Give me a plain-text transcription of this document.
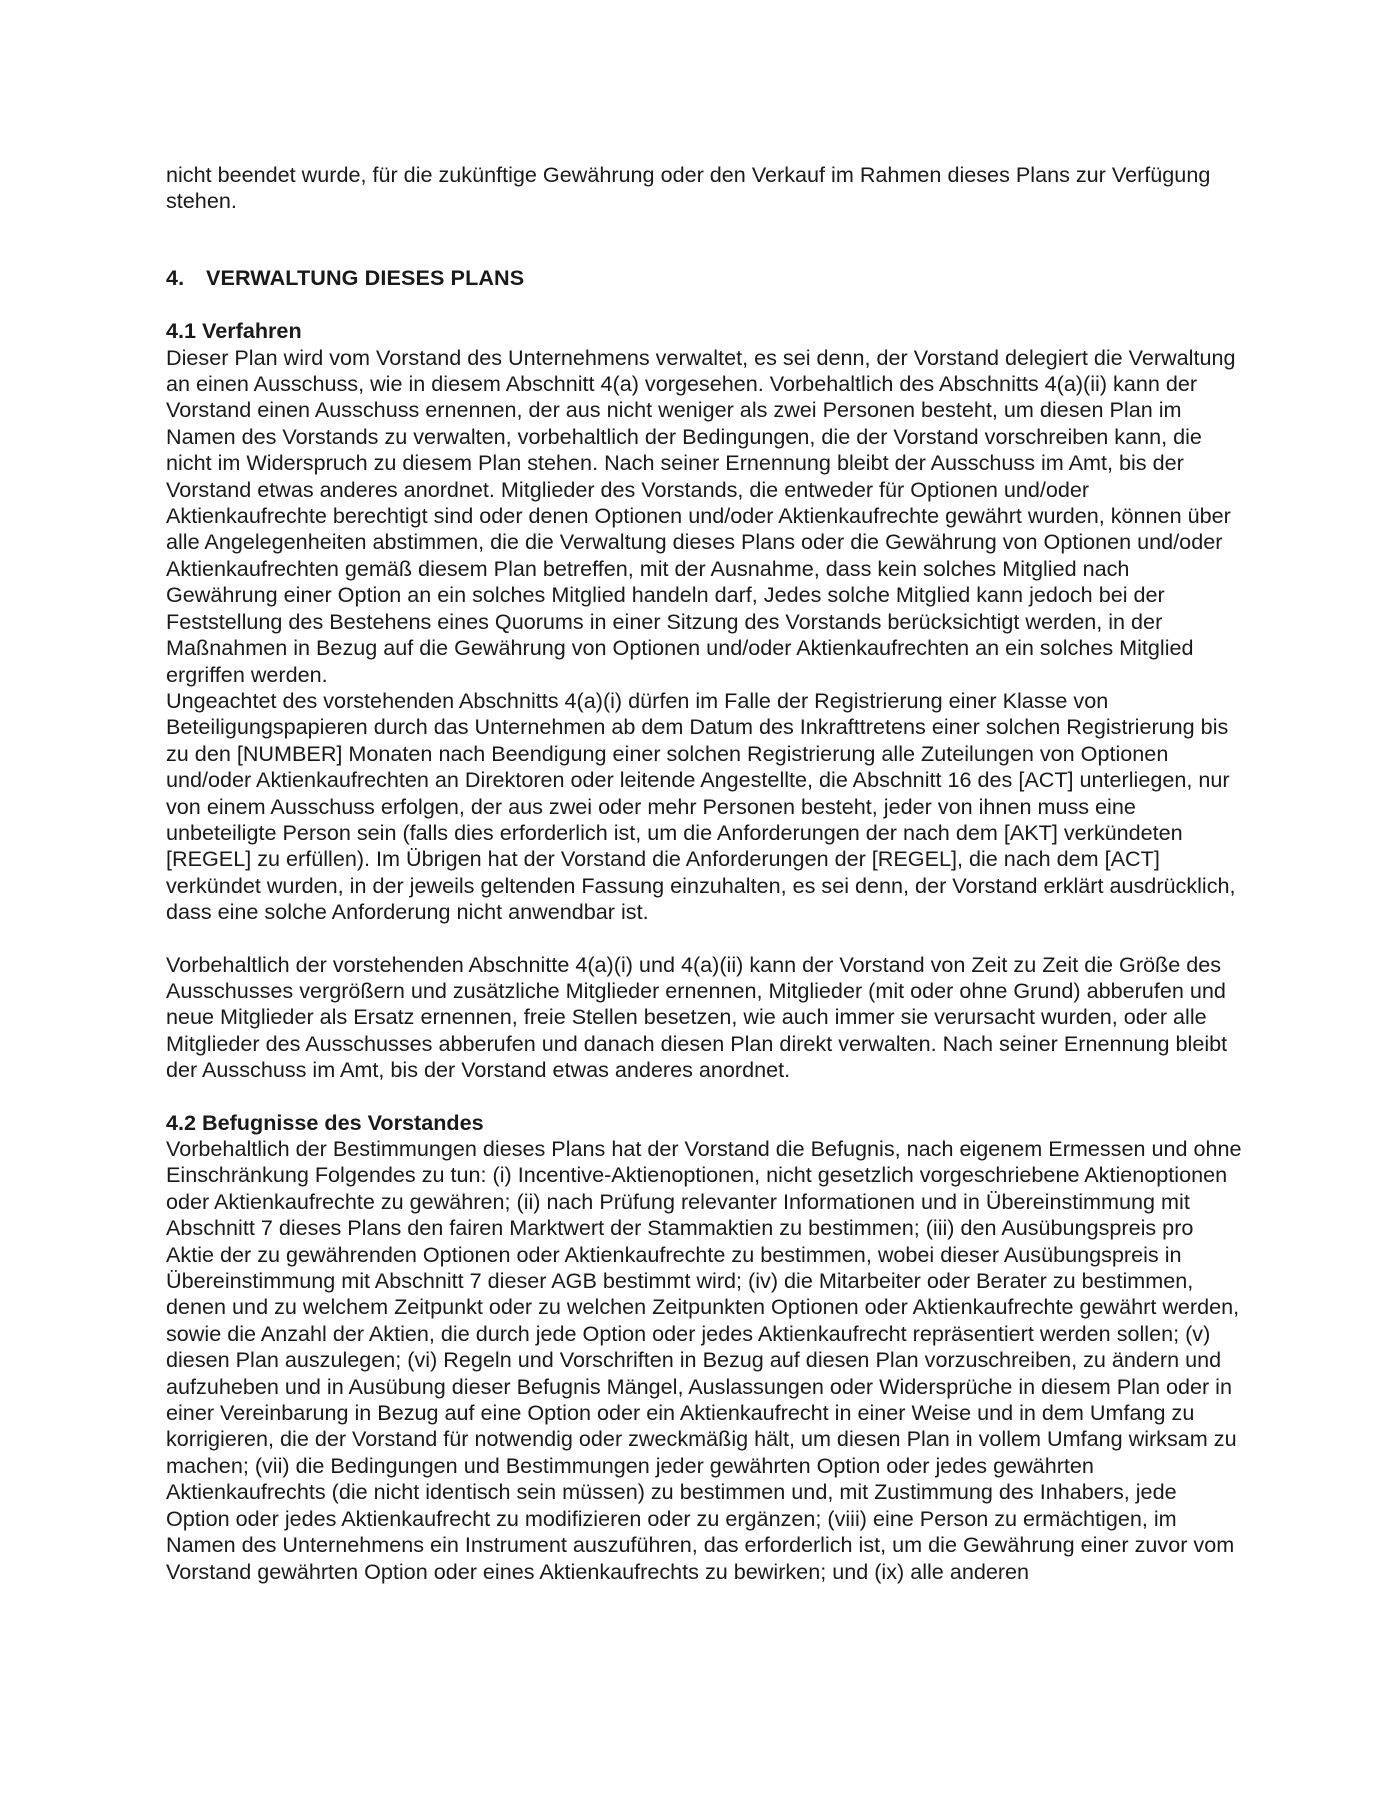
nicht beendet wurde, für die zukünftige Gewährung oder den Verkauf im Rahmen dieses Plans zur Verfügung stehen.

4. VERWALTUNG DIESES PLANS
4.1 Verfahren

Dieser Plan wird vom Vorstand des Unternehmens verwaltet, es sei denn, der Vorstand delegiert die Verwaltung an einen Ausschuss, wie in diesem Abschnitt 4(a) vorgesehen. Vorbehaltlich des Abschnitts 4(a)(ii) kann der Vorstand einen Ausschuss ernennen, der aus nicht weniger als zwei Personen besteht, um diesen Plan im Namen des Vorstands zu verwalten, vorbehaltlich der Bedingungen, die der Vorstand vorschreiben kann, die nicht im Widerspruch zu diesem Plan stehen. Nach seiner Ernennung bleibt der Ausschuss im Amt, bis der Vorstand etwas anderes anordnet. Mitglieder des Vorstands, die entweder für Optionen und/oder Aktienkaufrechte berechtigt sind oder denen Optionen und/oder Aktienkaufrechte gewährt wurden, können über alle Angelegenheiten abstimmen, die die Verwaltung dieses Plans oder die Gewährung von Optionen und/oder Aktienkaufrechten gemäß diesem Plan betreffen, mit der Ausnahme, dass kein solches Mitglied nach Gewährung einer Option an ein solches Mitglied handeln darf, Jedes solche Mitglied kann jedoch bei der Feststellung des Bestehens eines Quorums in einer Sitzung des Vorstands berücksichtigt werden, in der Maßnahmen in Bezug auf die Gewährung von Optionen und/oder Aktienkaufrechten an ein solches Mitglied ergriffen werden.

Ungeachtet des vorstehenden Abschnitts 4(a)(i) dürfen im Falle der Registrierung einer Klasse von Beteiligungspapieren durch das Unternehmen ab dem Datum des Inkrafttretens einer solchen Registrierung bis zu den [NUMBER] Monaten nach Beendigung einer solchen Registrierung alle Zuteilungen von Optionen und/oder Aktienkaufrechten an Direktoren oder leitende Angestellte, die Abschnitt 16 des [ACT] unterliegen, nur von einem Ausschuss erfolgen, der aus zwei oder mehr Personen besteht, jeder von ihnen muss eine unbeteiligte Person sein (falls dies erforderlich ist, um die Anforderungen der nach dem [AKT] verkündeten [REGEL] zu erfüllen). Im Übrigen hat der Vorstand die Anforderungen der [REGEL], die nach dem [ACT] verkündet wurden, in der jeweils geltenden Fassung einzuhalten, es sei denn, der Vorstand erklärt ausdrücklich, dass eine solche Anforderung nicht anwendbar ist.

Vorbehaltlich der vorstehenden Abschnitte 4(a)(i) und 4(a)(ii) kann der Vorstand von Zeit zu Zeit die Größe des Ausschusses vergrößern und zusätzliche Mitglieder ernennen, Mitglieder (mit oder ohne Grund) abberufen und neue Mitglieder als Ersatz ernennen, freie Stellen besetzen, wie auch immer sie verursacht wurden, oder alle Mitglieder des Ausschusses abberufen und danach diesen Plan direkt verwalten. Nach seiner Ernennung bleibt der Ausschuss im Amt, bis der Vorstand etwas anderes anordnet.

4.2 Befugnisse des Vorstandes

Vorbehaltlich der Bestimmungen dieses Plans hat der Vorstand die Befugnis, nach eigenem Ermessen und ohne Einschränkung Folgendes zu tun: (i) Incentive-Aktienoptionen, nicht gesetzlich vorgeschriebene Aktienoptionen oder Aktienkaufrechte zu gewähren; (ii) nach Prüfung relevanter Informationen und in Übereinstimmung mit Abschnitt 7 dieses Plans den fairen Marktwert der Stammaktien zu bestimmen; (iii) den Ausübungspreis pro Aktie der zu gewährenden Optionen oder Aktienkaufrechte zu bestimmen, wobei dieser Ausübungspreis in Übereinstimmung mit Abschnitt 7 dieser AGB bestimmt wird; (iv) die Mitarbeiter oder Berater zu bestimmen, denen und zu welchem Zeitpunkt oder zu welchen Zeitpunkten Optionen oder Aktienkaufrechte gewährt werden, sowie die Anzahl der Aktien, die durch jede Option oder jedes Aktienkaufrecht repräsentiert werden sollen; (v) diesen Plan auszulegen; (vi) Regeln und Vorschriften in Bezug auf diesen Plan vorzuschreiben, zu ändern und aufzuheben und in Ausübung dieser Befugnis Mängel, Auslassungen oder Widersprüche in diesem Plan oder in einer Vereinbarung in Bezug auf eine Option oder ein Aktienkaufrecht in einer Weise und in dem Umfang zu korrigieren, die der Vorstand für notwendig oder zweckmäßig hält, um diesen Plan in vollem Umfang wirksam zu machen; (vii) die Bedingungen und Bestimmungen jeder gewährten Option oder jedes gewährten Aktienkaufrechts (die nicht identisch sein müssen) zu bestimmen und, mit Zustimmung des Inhabers, jede Option oder jedes Aktienkaufrecht zu modifizieren oder zu ergänzen; (viii) eine Person zu ermächtigen, im Namen des Unternehmens ein Instrument auszuführen, das erforderlich ist, um die Gewährung einer zuvor vom Vorstand gewährten Option oder eines Aktienkaufrechts zu bewirken; und (ix) alle anderen
